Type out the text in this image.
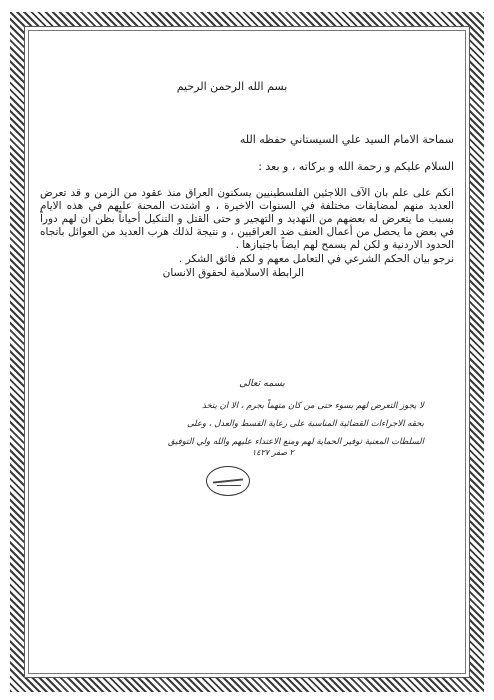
بسم الله الرحمن الرحيم
سماحة الامام السيد علي السيستاني حفظه الله
السلام عليكم و رحمة الله و بركاته ، و بعد :
انكم على علم بان الآف اللاجئين الفلسطينيين يسكنون العراق منذ عقود من الزمن و قد تعرض العديد منهم لمضايقات مختلفة في السنوات الاخيرة ، و اشتدت المحنة عليهم في هذه الايام بسبب ما يتعرض له بعضهم من التهديد و التهجير و حتى القتل و التنكيل أحياناً بظن ان لهم دوراً في بعض ما يحصل من أعمال العنف ضد العراقيين ، و نتيجة لذلك هرب العديد من العوائل باتجاه الحدود الاردنية و لكن لم يسمح لهم ايضاً باجتيازها .
نرجو بيان الحكم الشرعي في التعامل معهم و لكم فائق الشكر .
الرابطة الاسلامية لحقوق الانسان
بسمه تعالى
لا يجوز التعرض لهم بسوء حتى من كان متهماً بجرم ، الا ان يتخذ
بحقه الاجراءات القضائية المناسبة على رعاية القسط والعدل ، وعلى
السلطات المعنية توفير الحماية لهم ومنع الاعتداء عليهم والله ولي التوفيق
٢ صفر ١٤٢٧
